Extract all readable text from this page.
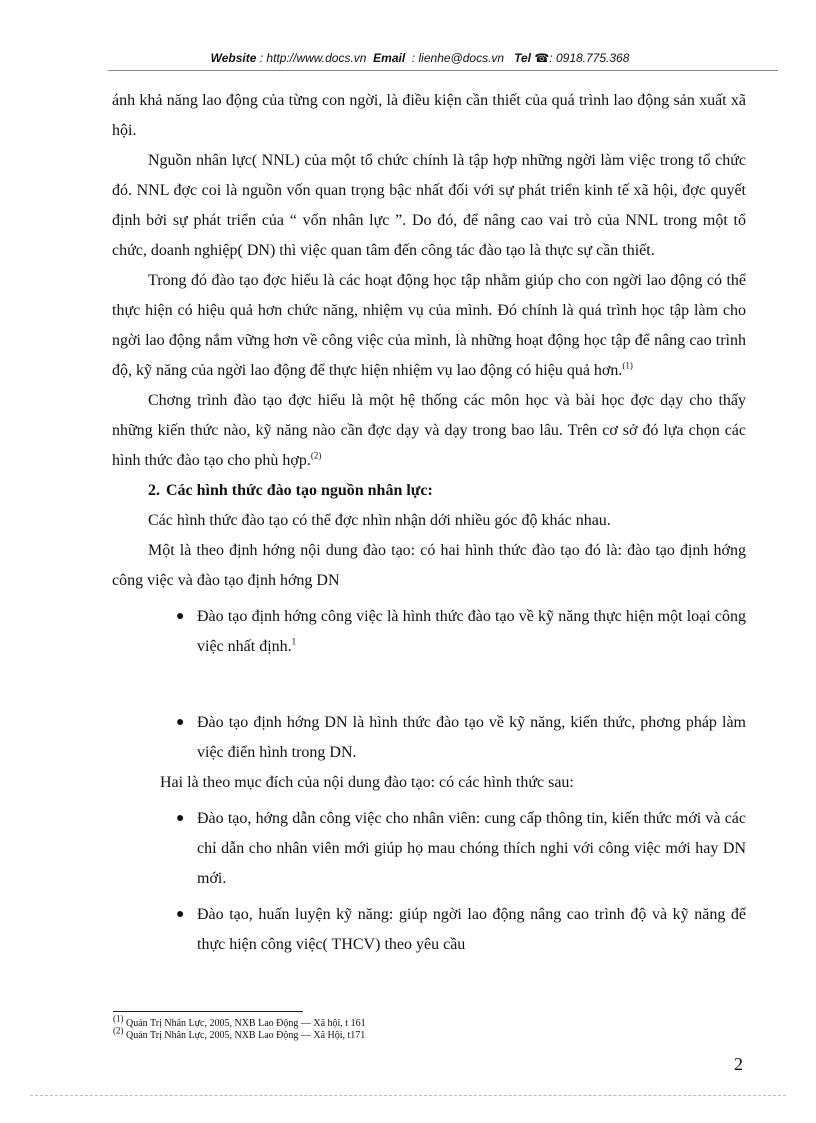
Website : http://www.docs.vn Email : lienhe@docs.vn Tel ☎: 0918.775.368

ánh khả năng lao động của từng con ngời, là điều kiện cần thiết của quá trình lao động sản xuất xã hội.

Nguồn nhân lực( NNL) của một tổ chức chính là tập hợp những ngời làm việc trong tổ chức đó. NNL đợc coi là nguồn vốn quan trọng bậc nhất đối với sự phát triển kinh tế xã hội, đợc quyết định bởi sự phát triển của “ vốn nhân lực ”. Do đó, để nâng cao vai trò của NNL trong một tổ chức, doanh nghiệp( DN) thì việc quan tâm đến công tác đào tạo là thực sự cần thiết.

Trong đó đào tạo đợc hiểu là các hoạt động học tập nhằm giúp cho con ngời lao động có thể thực hiện có hiệu quả hơn chức năng, nhiệm vụ của mình. Đó chính là quá trình học tập làm cho ngời lao động nắm vững hơn về công việc của mình, là những hoạt động học tập để nâng cao trình độ, kỹ năng của ngời lao động để thực hiện nhiệm vụ lao động có hiệu quả hơn.$^{(1)}$

Chơng trình đào tạo đợc hiểu là một hệ thống các môn học và bài học đợc dạy cho thấy những kiến thức nào, kỹ năng nào cần đợc dạy và dạy trong bao lâu. Trên cơ sở đó lựa chọn các hình thức đào tạo cho phù hợp.$^{(2)}$

2. Các hình thức đào tạo nguồn nhân lực:

Các hình thức đào tạo có thể đợc nhìn nhận dới nhiều góc độ khác nhau.

Một là theo định hớng nội dung đào tạo: có hai hình thức đào tạo đó là: đào tạo định hớng công việc và đào tạo định hớng DN

● Đào tạo định hớng công việc là hình thức đào tạo về kỹ năng thực hiện một loại công việc nhất định.$^1$
● Đào tạo định hớng DN là hình thức đào tạo về kỹ năng, kiến thức, phơng pháp làm việc điển hình trong DN.

Hai là theo mục đích của nội dung đào tạo: có các hình thức sau:

● Đào tạo, hớng dẫn công việc cho nhân viên: cung cấp thông tin, kiến thức mới và các chỉ dẫn cho nhân viên mới giúp họ mau chóng thích nghi với công việc mới hay DN mới.
● Đào tạo, huấn luyện kỹ năng: giúp ngời lao động nâng cao trình độ và kỹ năng để thực hiện công việc( THCV) theo yêu cầu
$^{(1)}$ Quản Trị Nhân Lực, 2005, NXB Lao Động — Xã hội, t 161
$^{(2)}$ Quản Trị Nhân Lực, 2005, NXB Lao Động — Xã Hội, t171
2
